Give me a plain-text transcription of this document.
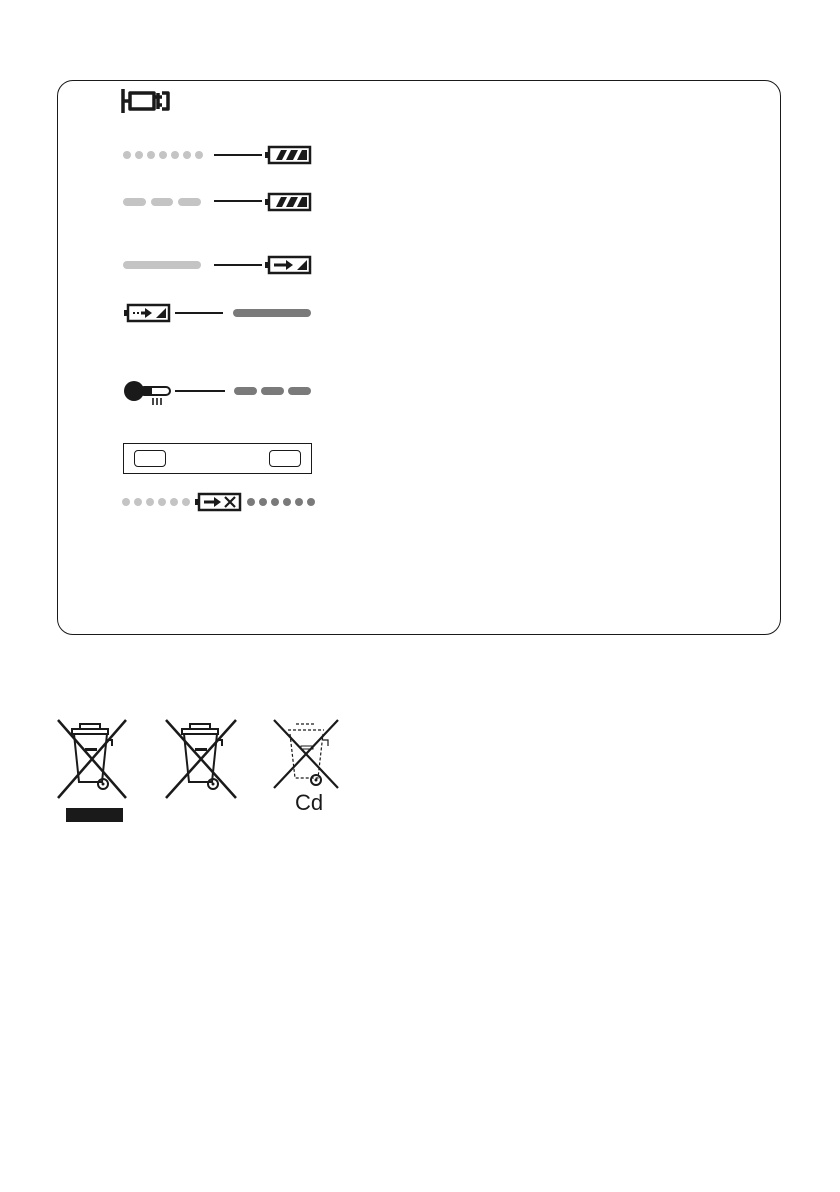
Cd
